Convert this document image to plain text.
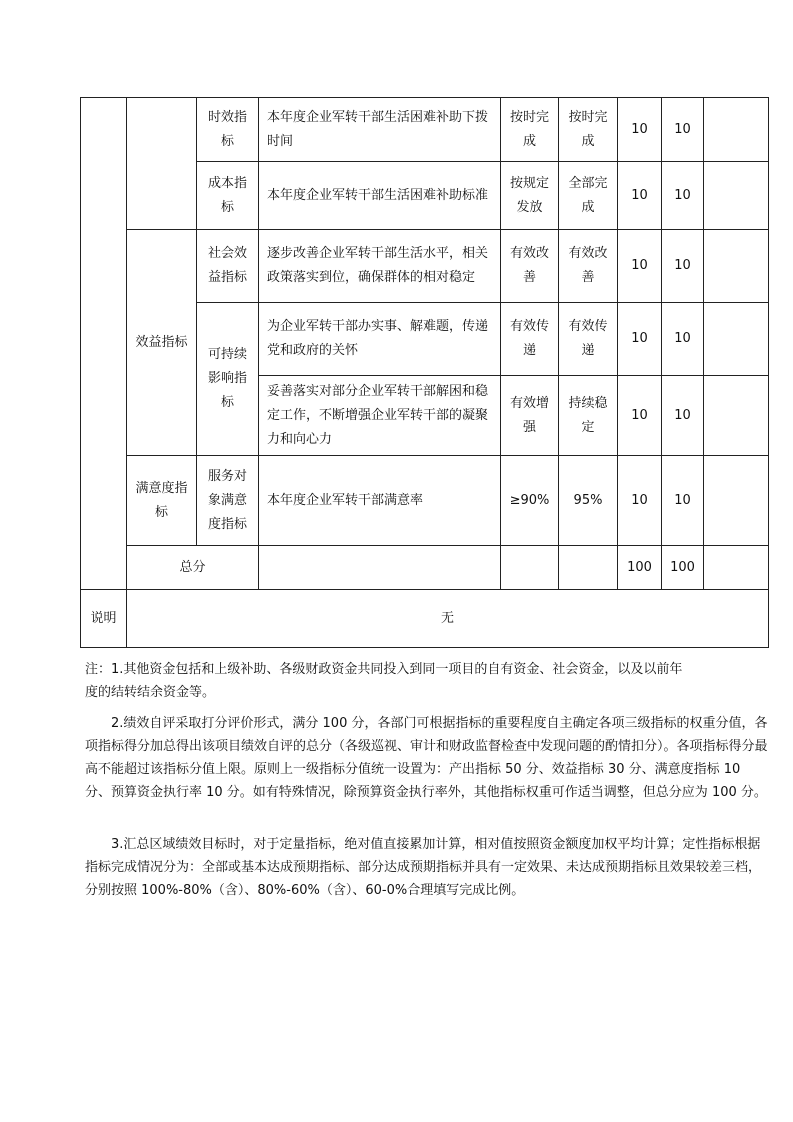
		时效指标	本年度企业军转干部生活困难补助下拨时间	按时完成	按时完成	10	10	
		成本指标	本年度企业军转干部生活困难补助标准	按规定发放	全部完成	10	10	
	效益指标	社会效益指标	逐步改善企业军转干部生活水平，相关政策落实到位，确保群体的相对稳定	有效改善	有效改善	10	10	
		可持续影响指标	为企业军转干部办实事、解难题，传递党和政府的关怀	有效传递	有效传递	10	10	
			妥善落实对部分企业军转干部解困和稳定工作，不断增强企业军转干部的凝聚力和向心力	有效增强	持续稳定	10	10	
	满意度指标	服务对象满意度指标	本年度企业军转干部满意率	≥90%	95%	10	10	
	总分					100	100	
说明	无							

注：1.其他资金包括和上级补助、各级财政资金共同投入到同一项目的自有资金、社会资金，以及以前年

度的结转结余资金等。

2.绩效自评采取打分评价形式，满分 100 分，各部门可根据指标的重要程度自主确定各项三级指标的权重分值，各项指标得分加总得出该项目绩效自评的总分（各级巡视、审计和财政监督检查中发现问题的酌情扣分）。各项指标得分最高不能超过该指标分值上限。原则上一级指标分值统一设置为：产出指标 50 分、效益指标 30 分、满意度指标 10 分、预算资金执行率 10 分。如有特殊情况，除预算资金执行率外，其他指标权重可作适当调整，但总分应为 100 分。

3.汇总区域绩效目标时，对于定量指标，绝对值直接累加计算，相对值按照资金额度加权平均计算；定性指标根据指标完成情况分为：全部或基本达成预期指标、部分达成预期指标并具有一定效果、未达成预期指标且效果较差三档，分别按照 100%-80%（含）、80%-60%（含）、60-0%合理填写完成比例。
